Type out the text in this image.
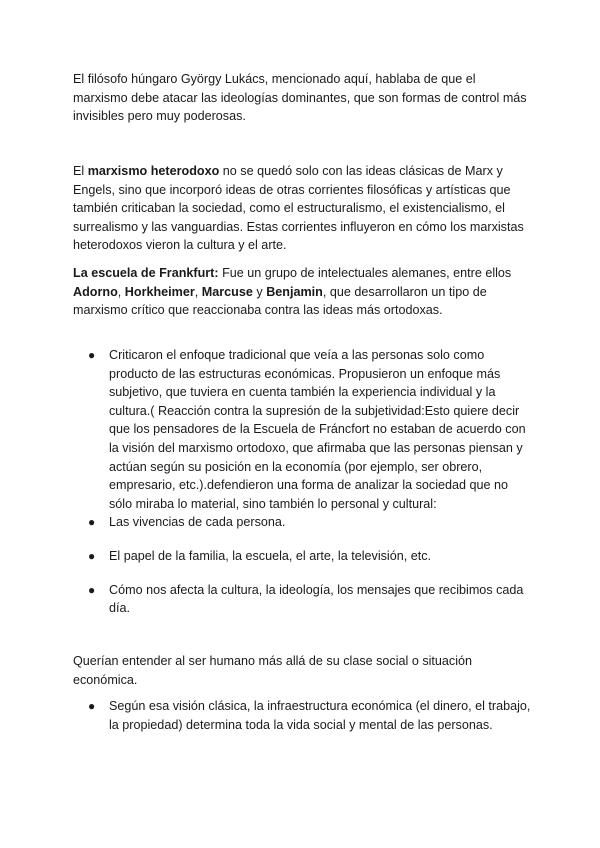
El filósofo húngaro György Lukács, mencionado aquí, hablaba de que el marxismo debe atacar las ideologías dominantes, que son formas de control más invisibles pero muy poderosas.

El marxismo heterodoxo no se quedó solo con las ideas clásicas de Marx y Engels, sino que incorporó ideas de otras corrientes filosóficas y artísticas que también criticaban la sociedad, como el estructuralismo, el existencialismo, el surrealismo y las vanguardias. Estas corrientes influyeron en cómo los marxistas heterodoxos vieron la cultura y el arte.

La escuela de Frankfurt: Fue un grupo de intelectuales alemanes, entre ellos Adorno, Horkheimer, Marcuse y Benjamin, que desarrollaron un tipo de marxismo crítico que reaccionaba contra las ideas más ortodoxas.

● Criticaron el enfoque tradicional que veía a las personas solo como producto de las estructuras económicas. Propusieron un enfoque más subjetivo, que tuviera en cuenta también la experiencia individual y la cultura.( Reacción contra la supresión de la subjetividad:Esto quiere decir que los pensadores de la Escuela de Fráncfort no estaban de acuerdo con la visión del marxismo ortodoxo, que afirmaba que las personas piensan y actúan según su posición en la economía (por ejemplo, ser obrero, empresario, etc.).defendieron una forma de analizar la sociedad que no sólo miraba lo material, sino también lo personal y cultural:
● Las vivencias de cada persona.
● El papel de la familia, la escuela, el arte, la televisión, etc.
● Cómo nos afecta la cultura, la ideología, los mensajes que recibimos cada día.

Querían entender al ser humano más allá de su clase social o situación económica.

● Según esa visión clásica, la infraestructura económica (el dinero, el trabajo, la propiedad) determina toda la vida social y mental de las personas.
